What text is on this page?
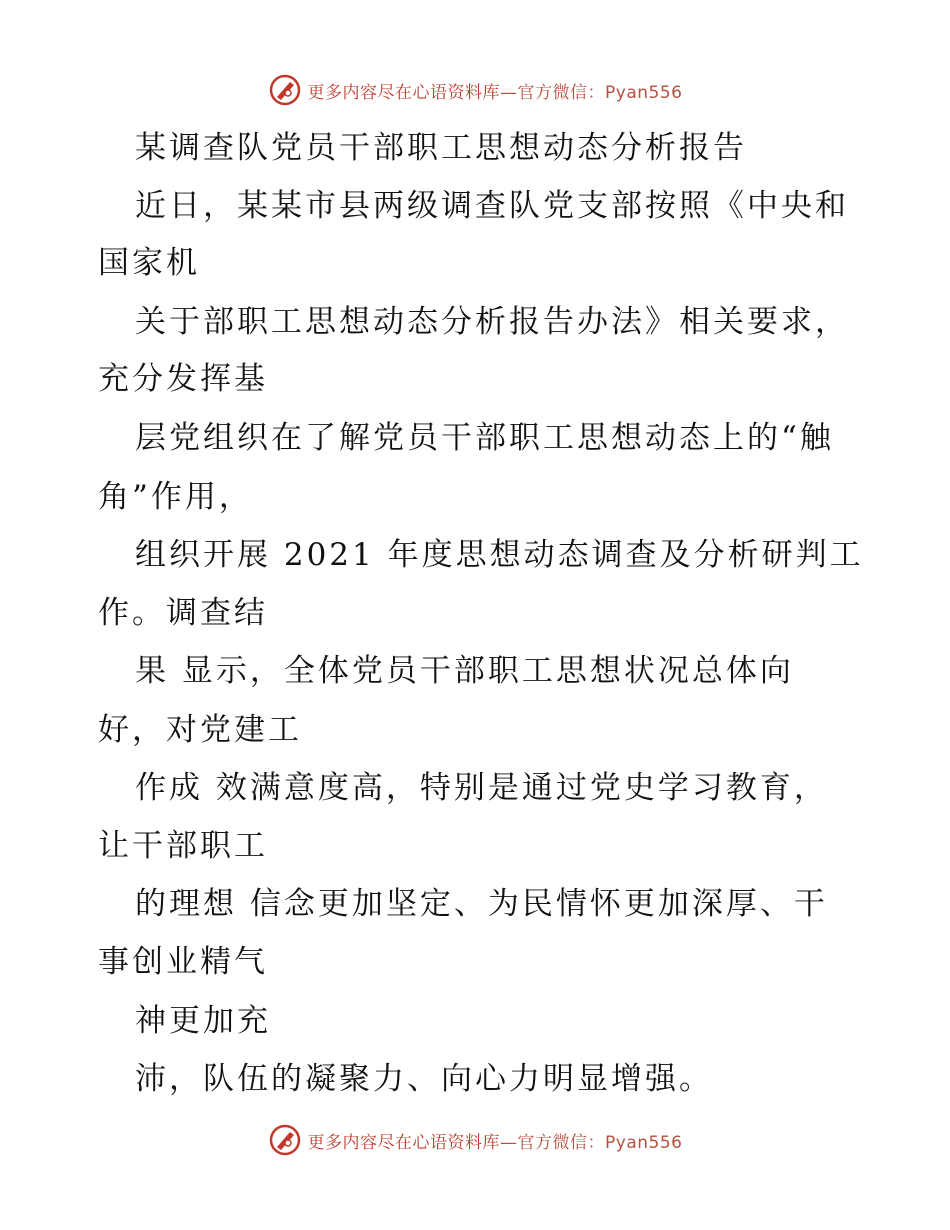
更多内容尽在心语资料库—官方微信：Pyan556
某调查队党员干部职工思想动态分析报告
近日，某某市县两级调查队党支部按照《中央和
国家机
关于部职工思想动态分析报告办法》相关要求，
充分发挥基
层党组织在了解党员干部职工思想动态上的“触
角”作用，
组织开展 2021 年度思想动态调查及分析研判工
作。调查结
果 显示，全体党员干部职工思想状况总体向
好，对党建工
作成 效满意度高，特别是通过党史学习教育，
让干部职工
的理想 信念更加坚定、为民情怀更加深厚、干
事创业精气
神更加充
沛，队伍的凝聚力、向心力明显增强。
更多内容尽在心语资料库—官方微信：Pyan556
